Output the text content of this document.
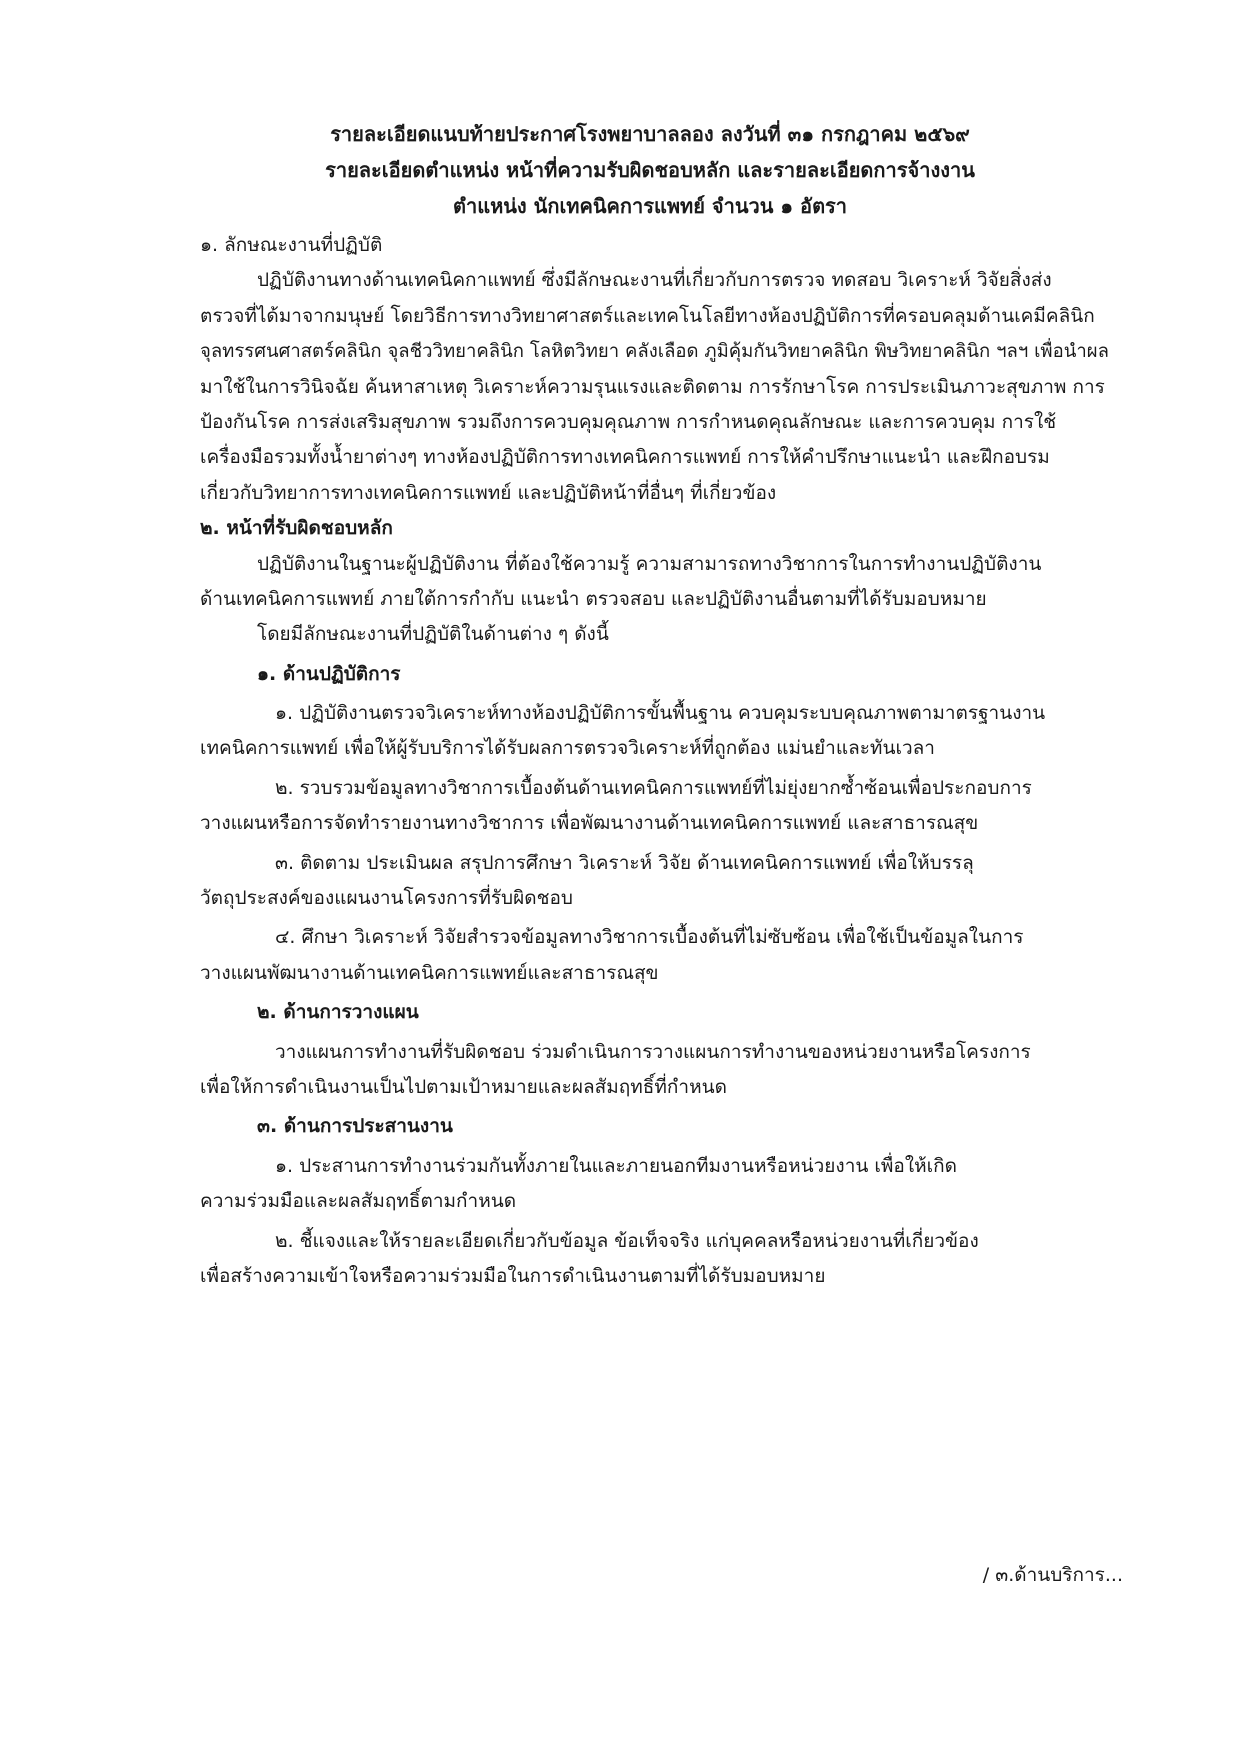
รายละเอียดแนบท้ายประกาศโรงพยาบาลลอง ลงวันที่ ๓๑ กรกฎาคม ๒๕๖๙
รายละเอียดตำแหน่ง หน้าที่ความรับผิดชอบหลัก และรายละเอียดการจ้างงาน
ตำแหน่ง นักเทคนิคการแพทย์ จำนวน ๑ อัตรา
๑. ลักษณะงานที่ปฏิบัติ
ปฏิบัติงานทางด้านเทคนิคกาแพทย์ ซึ่งมีลักษณะงานที่เกี่ยวกับการตรวจ ทดสอบ วิเคราะห์ วิจัยสิ่งส่ง
ตรวจที่ได้มาจากมนุษย์ โดยวิธีการทางวิทยาศาสตร์และเทคโนโลยีทางห้องปฏิบัติการที่ครอบคลุมด้านเคมีคลินิก
จุลทรรศนศาสตร์คลินิก จุลชีววิทยาคลินิก โลหิตวิทยา คลังเลือด ภูมิคุ้มกันวิทยาคลินิก พิษวิทยาคลินิก ฯลฯ เพื่อนำผล
มาใช้ในการวินิจฉัย ค้นหาสาเหตุ วิเคราะห์ความรุนแรงและติดตาม การรักษาโรค การประเมินภาวะสุขภาพ การ
ป้องกันโรค การส่งเสริมสุขภาพ รวมถึงการควบคุมคุณภาพ การกำหนดคุณลักษณะ และการควบคุม การใช้
เครื่องมือรวมทั้งน้ำยาต่างๆ ทางห้องปฏิบัติการทางเทคนิคการแพทย์ การให้คำปรึกษาแนะนำ และฝึกอบรม
เกี่ยวกับวิทยาการทางเทคนิคการแพทย์ และปฏิบัติหน้าที่อื่นๆ ที่เกี่ยวข้อง
๒. หน้าที่รับผิดชอบหลัก
ปฏิบัติงานในฐานะผู้ปฏิบัติงาน ที่ต้องใช้ความรู้ ความสามารถทางวิชาการในการทำงานปฏิบัติงาน
ด้านเทคนิคการแพทย์ ภายใต้การกำกับ แนะนำ ตรวจสอบ และปฏิบัติงานอื่นตามที่ได้รับมอบหมาย
โดยมีลักษณะงานที่ปฏิบัติในด้านต่าง ๆ ดังนี้
๑. ด้านปฏิบัติการ
๑. ปฏิบัติงานตรวจวิเคราะห์ทางห้องปฏิบัติการขั้นพื้นฐาน ควบคุมระบบคุณภาพตามาตรฐานงาน
เทคนิคการแพทย์ เพื่อให้ผู้รับบริการได้รับผลการตรวจวิเคราะห์ที่ถูกต้อง แม่นยำและทันเวลา
๒. รวบรวมข้อมูลทางวิชาการเบื้องต้นด้านเทคนิคการแพทย์ที่ไม่ยุ่งยากซ้ำซ้อนเพื่อประกอบการ
วางแผนหรือการจัดทำรายงานทางวิชาการ เพื่อพัฒนางานด้านเทคนิคการแพทย์ และสาธารณสุข
๓. ติดตาม ประเมินผล สรุปการศึกษา วิเคราะห์ วิจัย ด้านเทคนิคการแพทย์ เพื่อให้บรรลุ
วัตถุประสงค์ของแผนงานโครงการที่รับผิดชอบ
๔. ศึกษา วิเคราะห์ วิจัยสำรวจข้อมูลทางวิชาการเบื้องต้นที่ไม่ซับซ้อน เพื่อใช้เป็นข้อมูลในการ
วางแผนพัฒนางานด้านเทคนิคการแพทย์และสาธารณสุข
๒. ด้านการวางแผน
วางแผนการทำงานที่รับผิดชอบ ร่วมดำเนินการวางแผนการทำงานของหน่วยงานหรือโครงการ
เพื่อให้การดำเนินงานเป็นไปตามเป้าหมายและผลสัมฤทธิ์ที่กำหนด
๓. ด้านการประสานงาน
๑. ประสานการทำงานร่วมกันทั้งภายในและภายนอกทีมงานหรือหน่วยงาน เพื่อให้เกิด
ความร่วมมือและผลสัมฤทธิ์ตามกำหนด
๒. ชี้แจงและให้รายละเอียดเกี่ยวกับข้อมูล ข้อเท็จจริง แก่บุคคลหรือหน่วยงานที่เกี่ยวข้อง
เพื่อสร้างความเข้าใจหรือความร่วมมือในการดำเนินงานตามที่ได้รับมอบหมาย
/ ๓.ด้านบริการ...
